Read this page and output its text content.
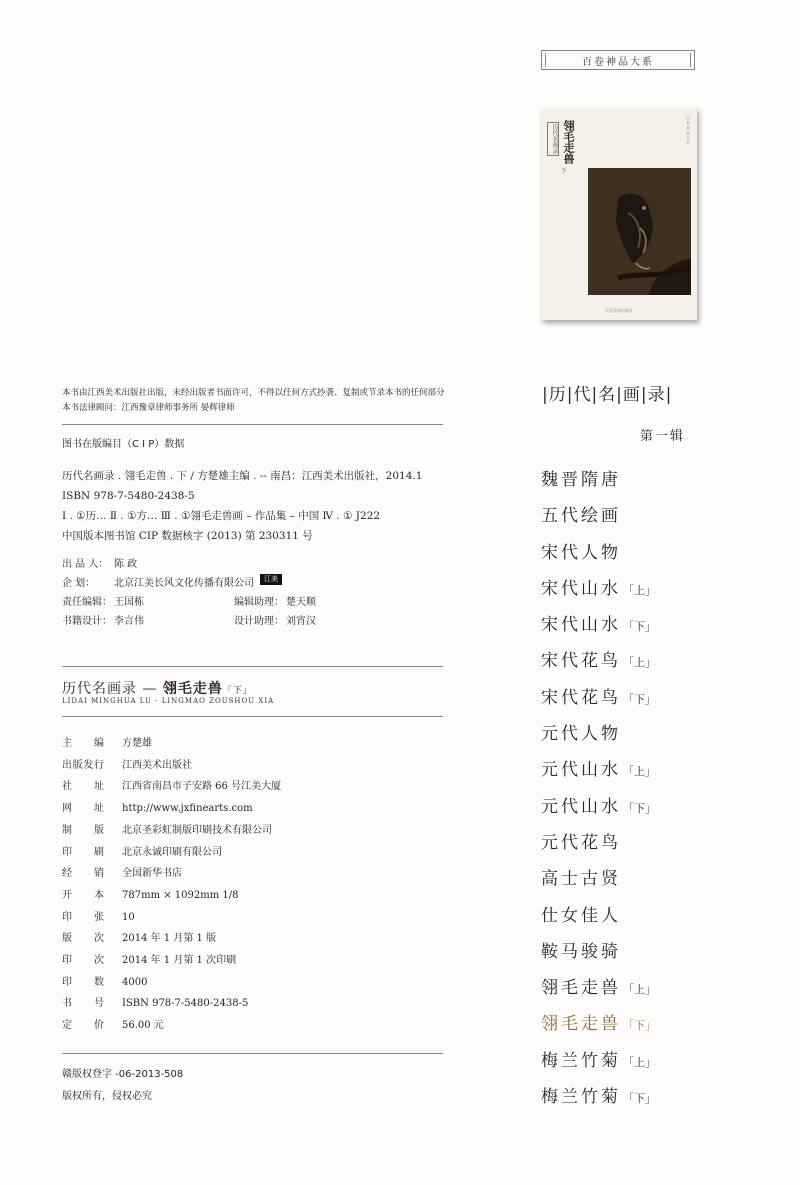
百卷神品大系
历代名画录 翎毛走兽
下
百卷神品大系
江西美术出版社
本书由江西美术出版社出版，未经出版者书面许可，不得以任何方式抄袭、复制或节录本书的任何部分
本书法律顾问：江西豫章律师事务所 晏辉律师
图书在版编目（C I P）数据
历代名画录 . 翎毛走兽 . 下 / 方楚雄主编 . -- 南昌：江西美术出版社，2014.1
ISBN 978-7-5480-2438-5
Ⅰ . ①历… Ⅱ . ①方… Ⅲ . ①翎毛走兽画 – 作品集 – 中国 Ⅳ . ① J222
中国版本图书馆 CIP 数据核字 (2013) 第 230311 号
出 品 人： 陈 政
企 划：	北京江美长风文化传播有限公司	江美
责任编辑： 王国栋	编辑助理： 楚天顺
书籍设计： 李言伟	设计助理： 刘宵汉
历代名画录 — 翎毛走兽「下」
LIDAI MINGHUA LU - LINGMAO ZOUSHOU XIA
主 编 方楚雄
出版发行 江西美术出版社
社 址 江西省南昌市子安路 66 号江美大厦
网 址 http://www.jxfinearts.com
制 版 北京圣彩虹制版印刷技术有限公司
印 刷 北京永诚印刷有限公司
经 销 全国新华书店
开 本 787mm × 1092mm 1/8
印 张 10
版 次 2014 年 1 月第 1 版
印 次 2014 年 1 月第 1 次印刷
印 数 4000
书 号 ISBN 978-7-5480-2438-5
定 价 56.00 元
赣版权登字 -06-2013-508
版权所有，侵权必究
|历|代|名|画|录|
第一辑
魏晋隋唐
五代绘画
宋代人物
宋代山水 「上」
宋代山水 「下」
宋代花鸟 「上」
宋代花鸟 「下」
元代人物
元代山水 「上」
元代山水 「下」
元代花鸟
高士古贤
仕女佳人
鞍马骏骑
翎毛走兽 「上」
翎毛走兽 「下」
梅兰竹菊 「上」
梅兰竹菊 「下」
